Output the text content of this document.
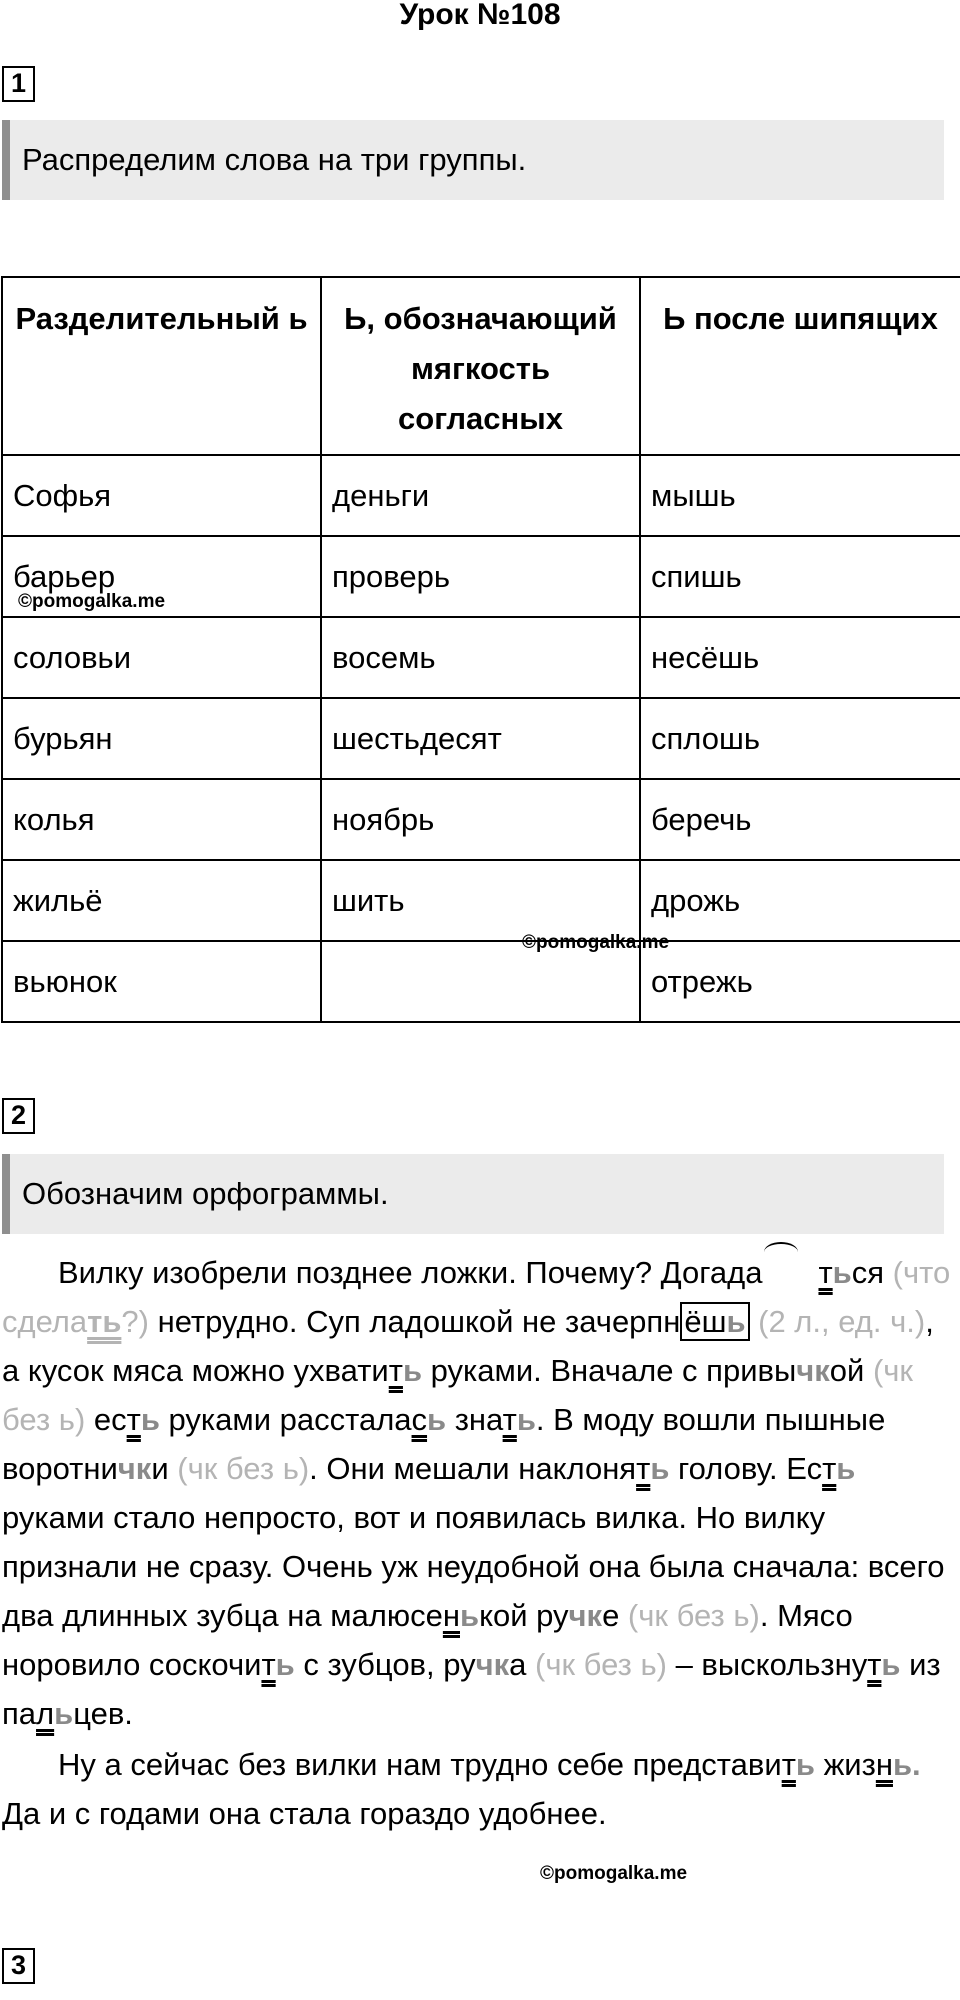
Урок №108
1
Распределим слова на три группы.
Разделительный ь	Ь, обозначающий мягкость согласных	Ь после шипящих
Софья	деньги	мышь
барьер	проверь	спишь
соловьи	восемь	несёшь
бурьян	шестьдесят	сплошь
колья	ноябрь	беречь
жильё	шить	дрожь
вьюнок		отрежь
©pomogalka.me
©pomogalka.me
2
Обозначим орфограммы.

Вилку изобрели позднее ложки. Почему? Догада ться (что сделать?) нетрудно. Суп ладошкой не зачерпн ёшь (2 л., ед. ч.), а кусок мяса можно ухватить руками. Вначале с привычкой (чк без ь) есть руками рассталась знать. В моду вошли пышные воротнички (чк без ь). Они мешали наклонять голову. Есть руками стало непросто, вот и появилась вилка. Но вилку признали не сразу. Очень уж неудобной она была сначала: всего два длинных зубца на малюсенькой ручке (чк без ь). Мясо норовило соскочить с зубцов, ручка (чк без ь) – выскользнуть из пальцев.

Ну а сейчас без вилки нам трудно себе представить жизнь. Да и с годами она стала гораздо удобнее.

©pomogalka.me
3
